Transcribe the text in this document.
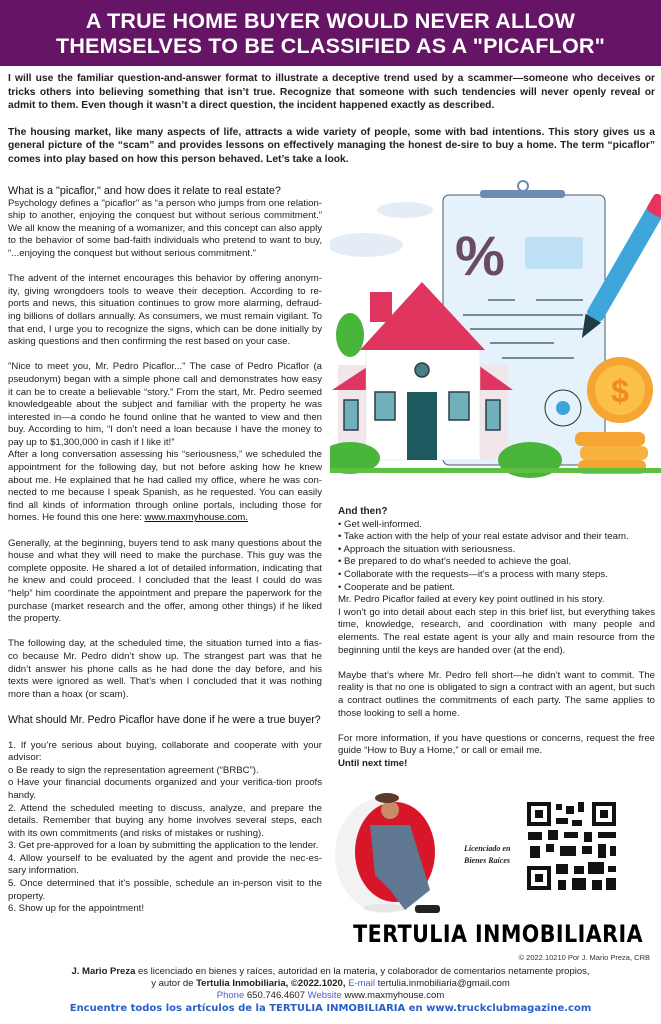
A TRUE HOME BUYER WOULD NEVER ALLOW
THEMSELVES TO BE CLASSIFIED AS A "PICAFLOR"

I will use the familiar question-and-answer format to illustrate a deceptive trend used by a scammer—someone who deceives or tricks others into believing something that isn’t true. Recognize that someone with such tendencies will never openly reveal or admit to them. Even though it wasn’t a direct question, the incident happened exactly as described.

The housing market, like many aspects of life, attracts a wide variety of people, some with bad intentions. This story gives us a general picture of the “scam” and provides lessons on effectively managing the honest de-sire to buy a home. The term “picaflor” comes into play based on how this person behaved. Let’s take a look.

What is a "picaflor," and how does it relate to real estate?

Psychology defines a "picaflor" as “a person who jumps from one relation-ship to another, enjoying the conquest but without serious commitment.” We all know the meaning of a womanizer, and this concept can also apply to the behavior of some bad-faith individuals who pretend to want to buy, “...enjoying the conquest but without serious commitment.”

The advent of the internet encourages this behavior by offering anonym-ity, giving wrongdoers tools to weave their deception. According to re-ports and news, this situation continues to grow more alarming, defraud-ing billions of dollars annually. As consumers, we must remain vigilant. To that end, I urge you to recognize the signs, which can be done initially by asking questions and then confirming the rest based on your case.

"Nice to meet you, Mr. Pedro Picaflor..." The case of Pedro Picaflor (a pseudonym) began with a simple phone call and demonstrates how easy it can be to create a believable “story.” From the start, Mr. Pedro seemed knowledgeable about the subject and familiar with the property he was interested in—a condo he found online that he wanted to view and then buy. According to him, “I don’t need a loan because I have the money to pay up to $1,300,000 in cash if I like it!”

After a long conversation assessing his “seriousness,” we scheduled the appointment for the following day, but not before asking how he knew about me. He explained that he had called my office, where he was con-nected to me because I speak Spanish, as he requested. You can easily find all kinds of information through online portals, including those for homes. He found this one here: www.maxmyhouse.com.

Generally, at the beginning, buyers tend to ask many questions about the house and what they will need to make the purchase. This guy was the complete opposite. He shared a lot of detailed information, indicating that he knew and could proceed. I concluded that the least I could do was “help” him coordinate the appointment and prepare the paperwork for the purchase (market research and the offer, among other things) if he liked the property.

The following day, at the scheduled time, the situation turned into a fias-co because Mr. Pedro didn’t show up. The strangest part was that he didn’t answer his phone calls as he had done the day before, and his texts were ignored as well. That’s when I concluded that it was nothing more than a hoax (or scam).

What should Mr. Pedro Picaflor have done if he were a true buyer?

1. If you’re serious about buying, collaborate and cooperate with your advisor:
o Be ready to sign the representation agreement (“BRBC”).
o Have your financial documents organized and your verifica-tion proofs handy.
2. Attend the scheduled meeting to discuss, analyze, and prepare the details. Remember that buying any home involves several steps, each with its own commitments (and risks of mistakes or rushing).
3. Get pre-approved for a loan by submitting the application to the lender.
4. Allow yourself to be evaluated by the agent and provide the nec-es-sary information.
5. Once determined that it’s possible, schedule an in-person visit to the property.
6. Show up for the appointment!
%
$
And then?
• Get well-informed.
• Take action with the help of your real estate advisor and their team.
• Approach the situation with seriousness.
• Be prepared to do what’s needed to achieve the goal.
• Collaborate with the requests—it’s a process with many steps.
• Cooperate and be patient.

Mr. Pedro Picaflor failed at every key point outlined in his story.

I won’t go into detail about each step in this brief list, but everything takes time, knowledge, research, and coordination with many people and elements. The real estate agent is your ally and main resource from the beginning until the keys are handed over (at the end).

Maybe that’s where Mr. Pedro fell short—he didn’t want to commit. The reality is that no one is obligated to sign a contract with an agent, but such a contract outlines the commitments of each party. The same applies to those looking to sell a home.

For more information, if you have questions or concerns, request the free guide “How to Buy a Home,” or call or email me.

Until next time!

Licenciado en
Bienes Raíces
TERTULIA INMOBILIARIA
© 2022.10210 Por J. Mario Preza, CRB
J. Mario Preza es licenciado en bienes y raíces, autoridad en la materia, y colaborador de comentarios netamente propios,
y autor de Tertulia Inmobiliaria, ©2022.1020, E-mail tertulia.inmobiliaria@gmail.com
Phone 650.746.4607 Website www.maxmyhouse.com
Encuentre todos los artículos de la TERTULIA INMOBILIARIA en www.truckclubmagazine.com
